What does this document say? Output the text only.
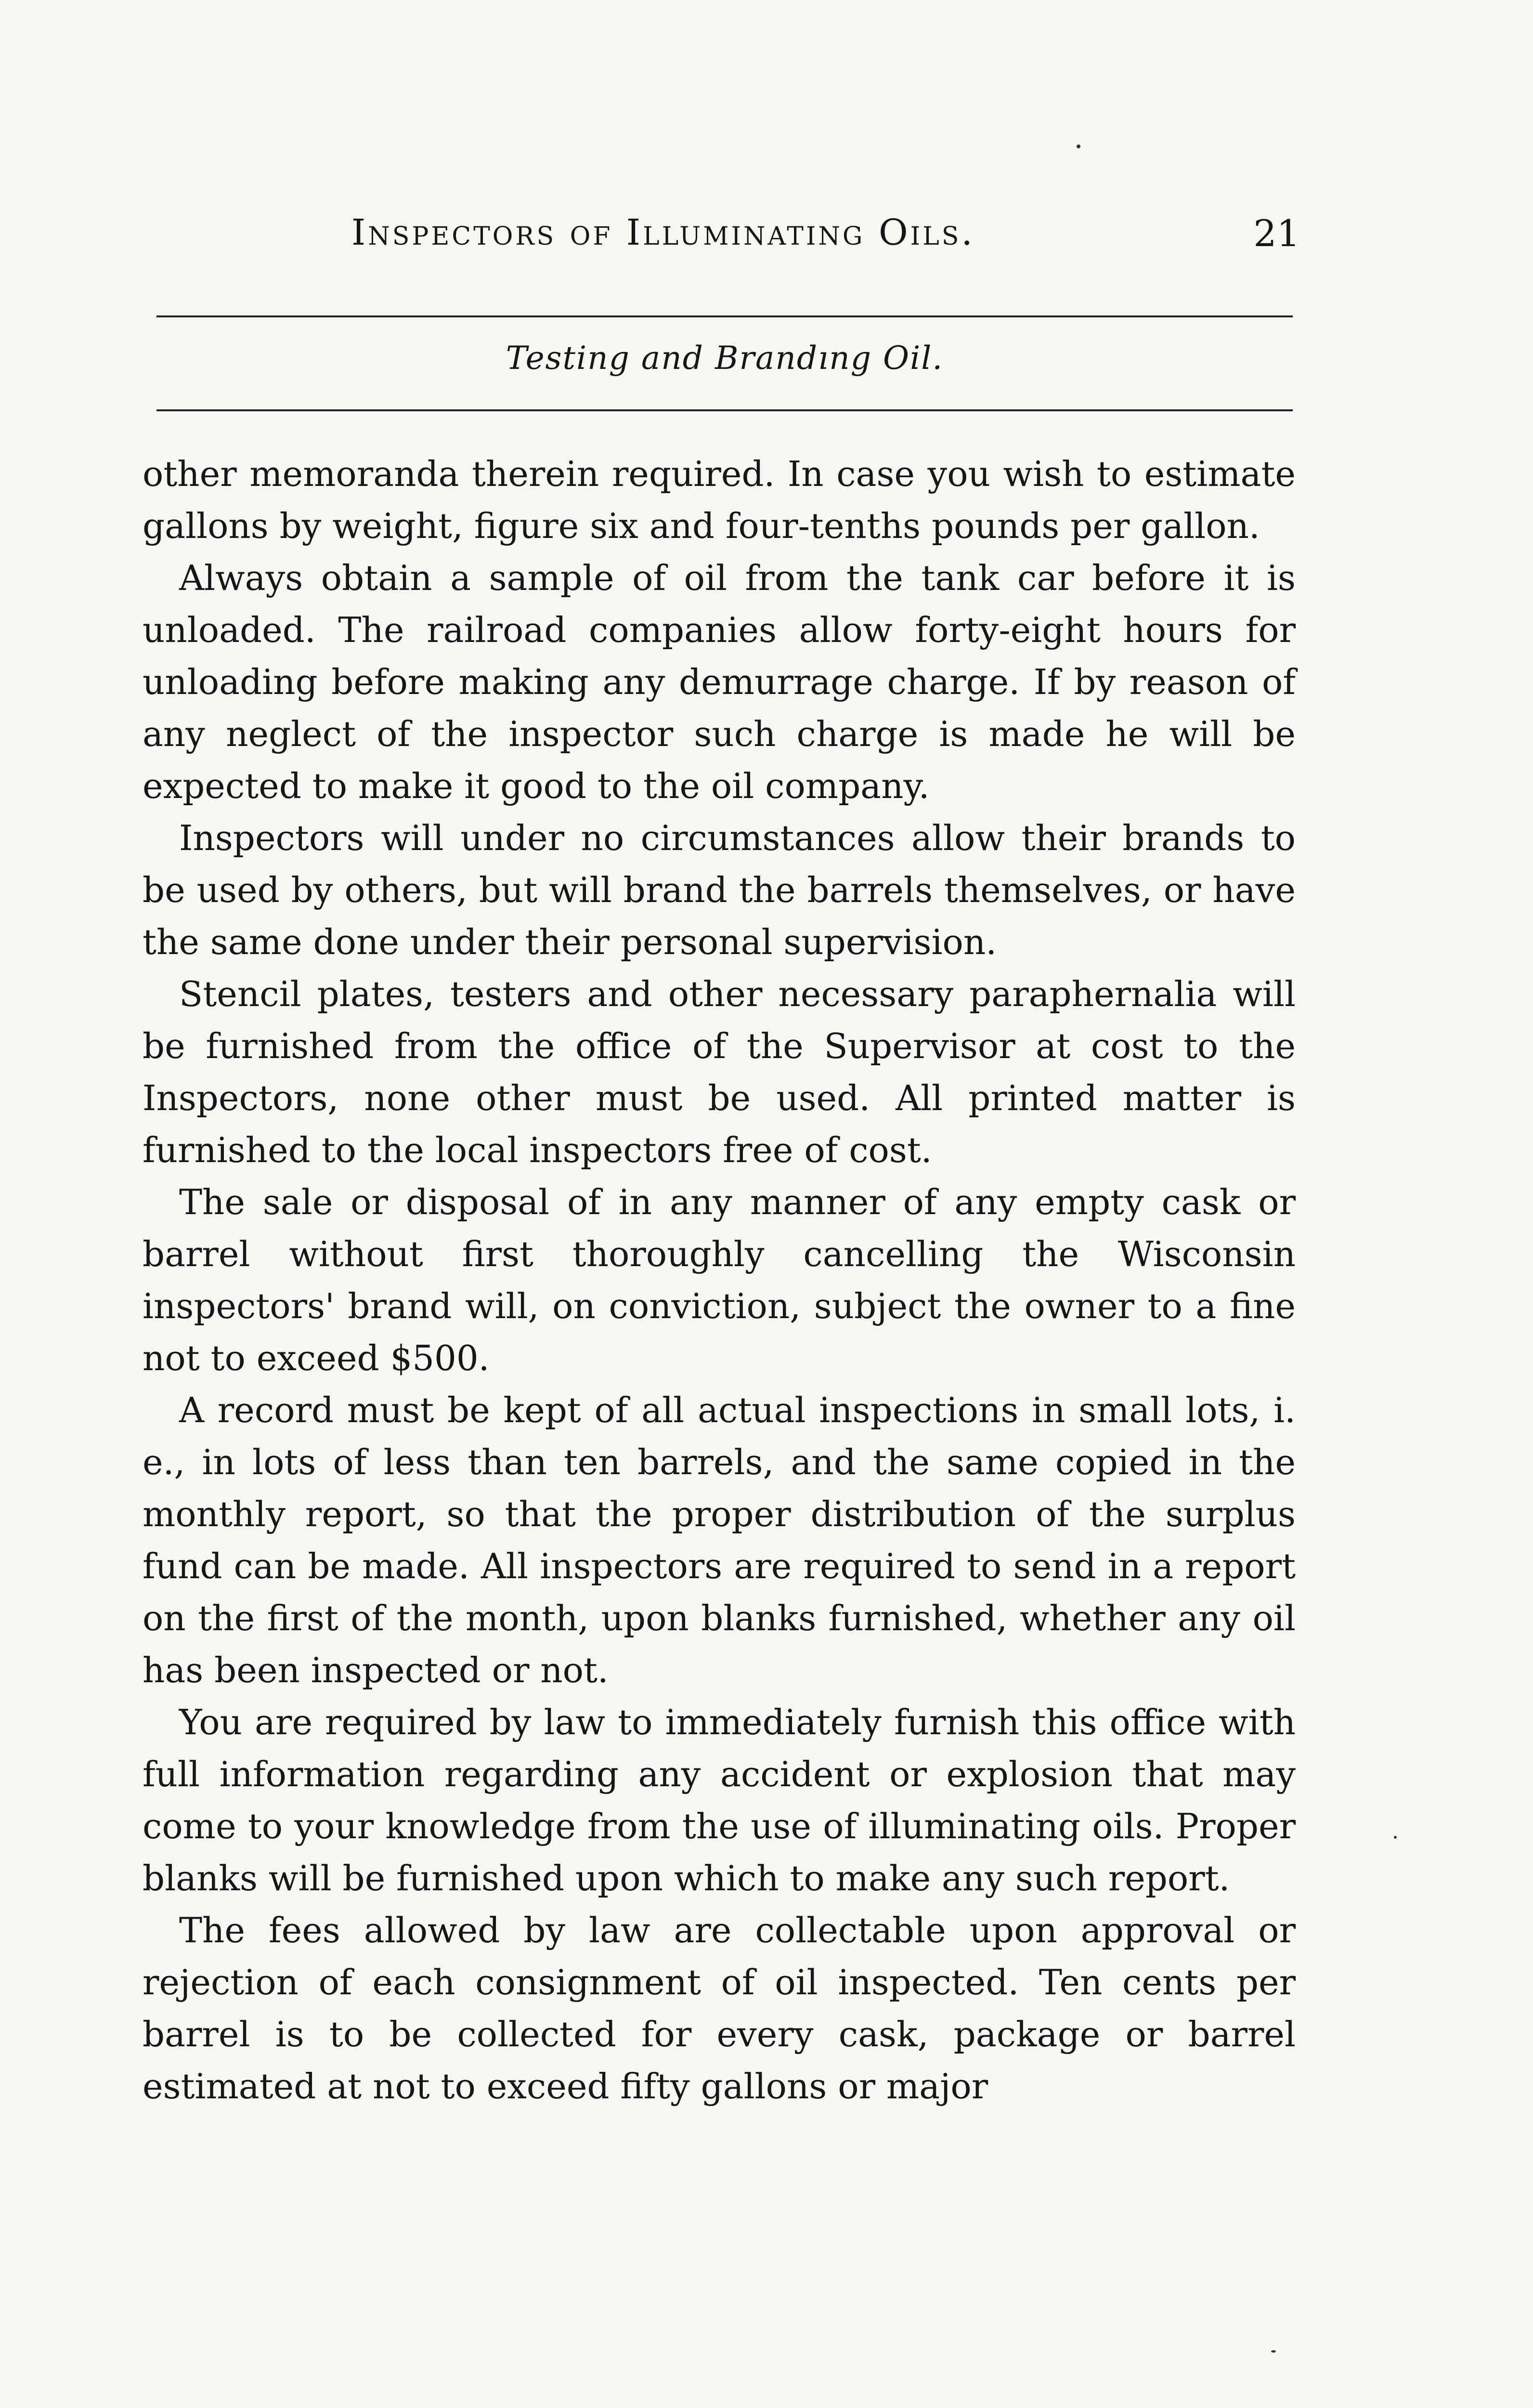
Inspectors of Illuminating Oils.	21
Testing and Brandıng Oil.

other memoranda therein required. In case you wish to estimate gallons by weight, figure six and four-tenths pounds per gallon.

Always obtain a sample of oil from the tank car before it is unloaded. The railroad companies allow forty-eight hours for unloading before making any demurrage charge. If by reason of any neglect of the inspector such charge is made he will be expected to make it good to the oil company.

Inspectors will under no circumstances allow their brands to be used by others, but will brand the barrels themselves, or have the same done under their personal supervision.

Stencil plates, testers and other necessary paraphernalia will be furnished from the office of the Supervisor at cost to the Inspectors, none other must be used. All printed matter is furnished to the local inspectors free of cost.

The sale or disposal of in any manner of any empty cask or barrel without first thoroughly cancelling the Wisconsin inspectors' brand will, on conviction, subject the owner to a fine not to exceed $500.

A record must be kept of all actual inspections in small lots, i. e., in lots of less than ten barrels, and the same copied in the monthly report, so that the proper distribution of the surplus fund can be made. All inspectors are required to send in a report on the first of the month, upon blanks furnished, whether any oil has been inspected or not.

You are required by law to immediately furnish this office with full information regarding any accident or explosion that may come to your knowledge from the use of illuminating oils. Proper blanks will be furnished upon which to make any such report.

The fees allowed by law are collectable upon approval or rejection of each consignment of oil inspected. Ten cents per barrel is to be collected for every cask, package or barrel estimated at not to exceed fifty gallons or major
